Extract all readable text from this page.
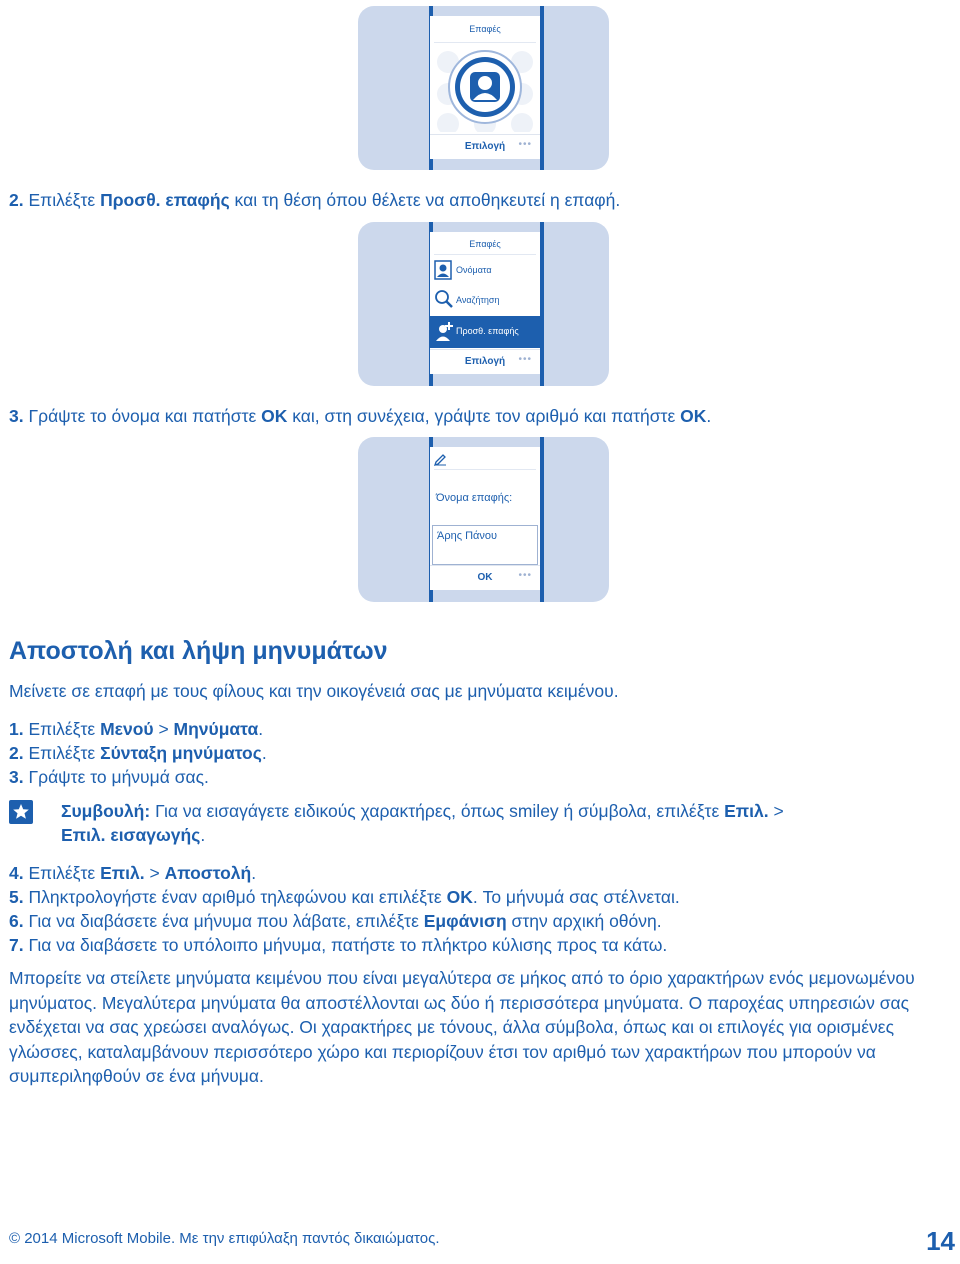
Επαφές
Επιλογή	•••
2. Επιλέξτε Προσθ. επαφής και τη θέση όπου θέλετε να αποθηκευτεί η επαφή.
Επαφές
Ονόματα
Αναζήτηση
Προσθ. επαφής
Επιλογή	•••
3. Γράψτε το όνομα και πατήστε OK και, στη συνέχεια, γράψτε τον αριθμό και πατήστε OK.
Όνομα επαφής:
Άρης Πάνου
OK	•••
Αποστολή και λήψη μηνυμάτων
Μείνετε σε επαφή με τους φίλους και την οικογένειά σας με μηνύματα κειμένου.
1. Επιλέξτε Μενού > Μηνύματα.
2. Επιλέξτε Σύνταξη μηνύματος.
3. Γράψτε το μήνυμά σας.
Συμβουλή: Για να εισαγάγετε ειδικούς χαρακτήρες, όπως smiley ή σύμβολα, επιλέξτε Επιλ. >
Επιλ. εισαγωγής.
4. Επιλέξτε Επιλ. > Αποστολή.
5. Πληκτρολογήστε έναν αριθμό τηλεφώνου και επιλέξτε OK. Το μήνυμά σας στέλνεται.
6. Για να διαβάσετε ένα μήνυμα που λάβατε, επιλέξτε Εμφάνιση στην αρχική οθόνη.
7. Για να διαβάσετε το υπόλοιπο μήνυμα, πατήστε το πλήκτρο κύλισης προς τα κάτω.
Μπορείτε να στείλετε μηνύματα κειμένου που είναι μεγαλύτερα σε μήκος από το όριο χαρακτήρων ενός μεμονωμένου μηνύματος. Μεγαλύτερα μηνύματα θα αποστέλλονται ως δύο ή περισσότερα μηνύματα. Ο παροχέας υπηρεσιών σας ενδέχεται να σας χρεώσει αναλόγως. Οι χαρακτήρες με τόνους, άλλα σύμβολα, όπως και οι επιλογές για ορισμένες γλώσσες, καταλαμβάνουν περισσότερο χώρο και περιορίζουν έτσι τον αριθμό των χαρακτήρων που μπορούν να συμπεριληφθούν σε ένα μήνυμα.
© 2014 Microsoft Mobile. Με την επιφύλαξη παντός δικαιώματος.	14
